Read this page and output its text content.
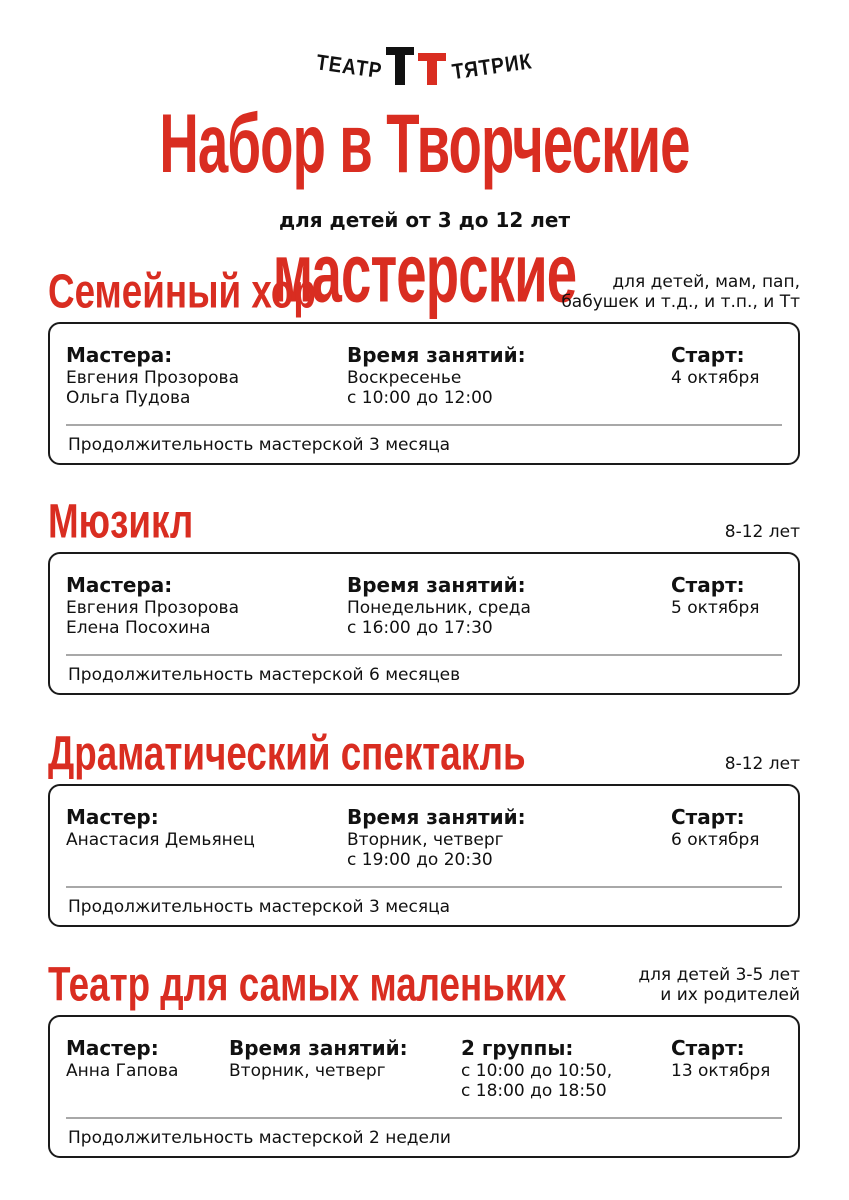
ТЕАТР	ТЯТРИК
Набор в Творческие мастерские
для детей от 3 до 12 лет
Семейный хор	для детей, мам, пап,
бабушек и т.д., и т.п., и Тт
Мастера:
Евгения Прозорова
Ольга Пудова
Время занятий:
Воскресенье
с 10:00 до 12:00
Старт:
4 октября
Продолжительность мастерской 3 месяца
Мюзикл	8-12 лет
Мастера:
Евгения Прозорова
Елена Посохина
Время занятий:
Понедельник, среда
с 16:00 до 17:30
Старт:
5 октября
Продолжительность мастерской 6 месяцев
Драматический спектакль	8-12 лет
Мастер:
Анастасия Демьянец
Время занятий:
Вторник, четверг
с 19:00 до 20:30
Старт:
6 октября
Продолжительность мастерской 3 месяца
Театр для самых маленьких	для детей 3-5 лет
и их родителей
Мастер:
Анна Гапова
Время занятий:
Вторник, четверг
2 группы:
с 10:00 до 10:50,
с 18:00 до 18:50
Старт:
13 октября
Продолжительность мастерской 2 недели
